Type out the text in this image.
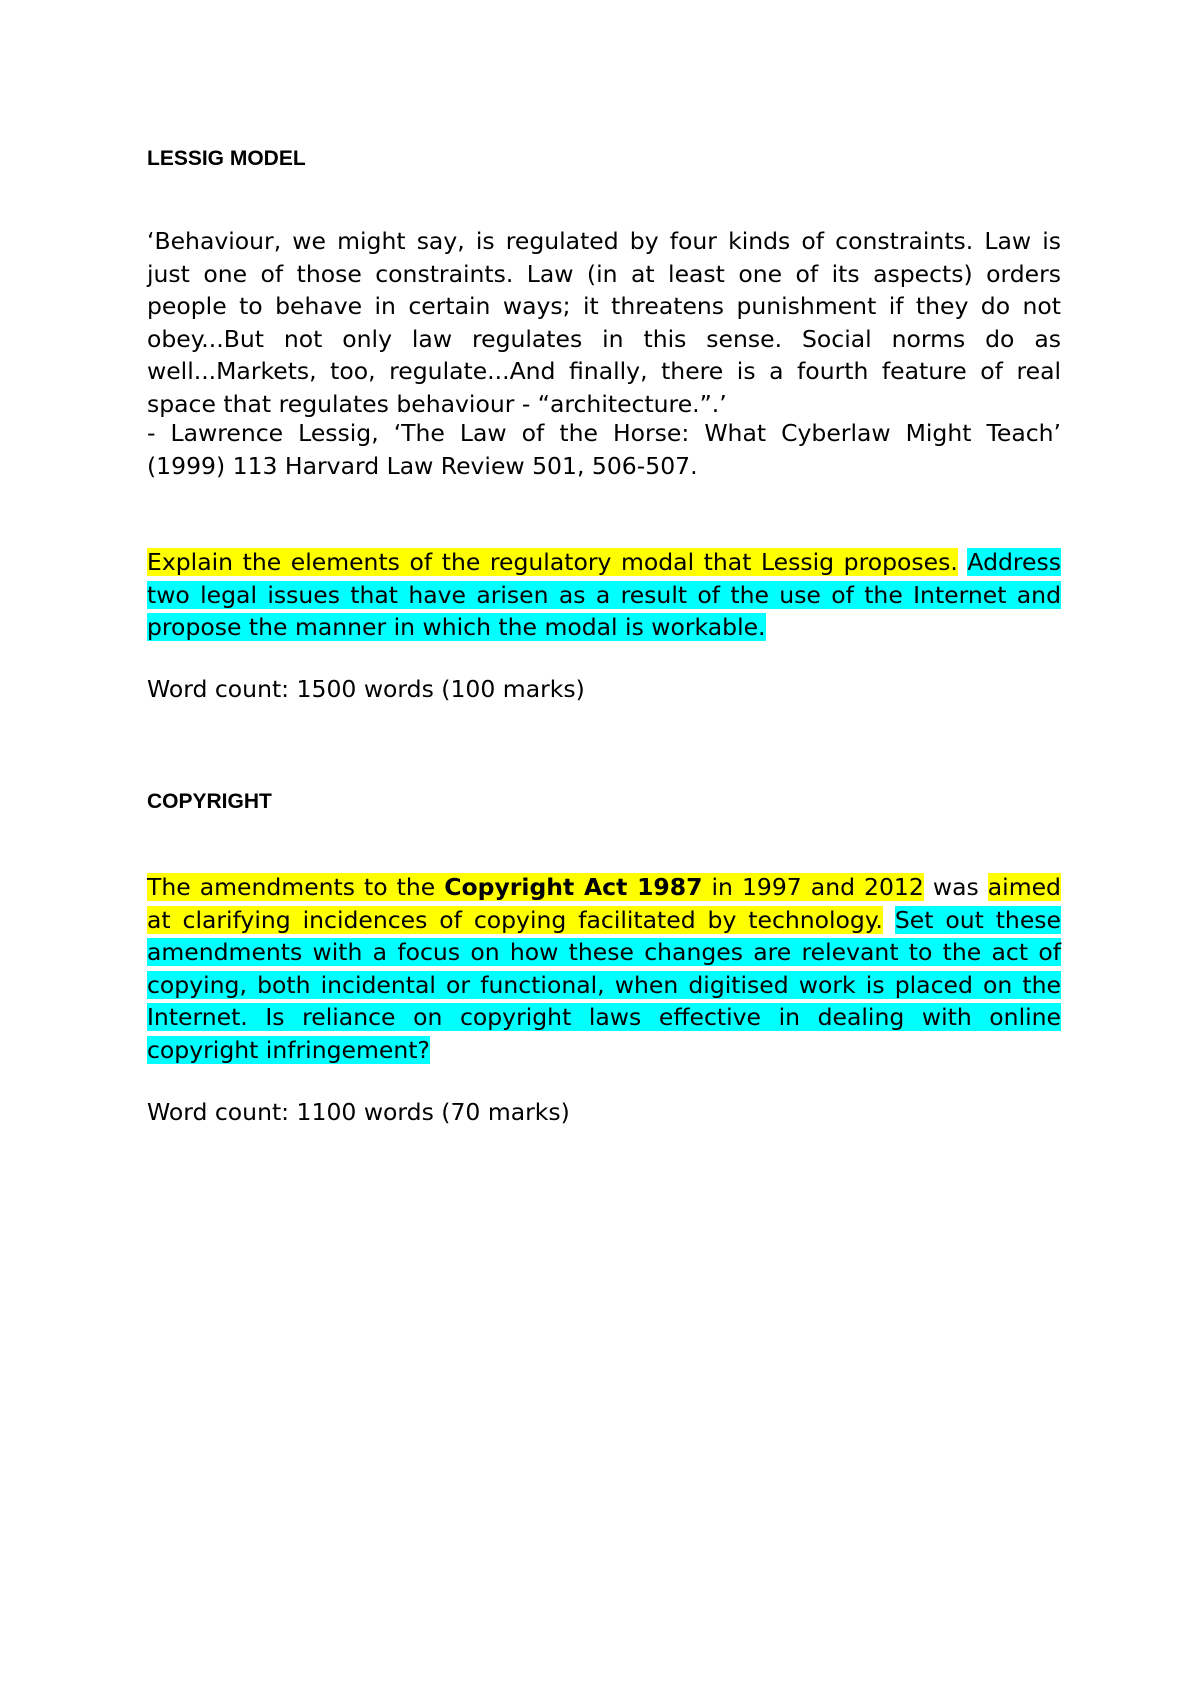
LESSIG MODEL

‘Behaviour, we might say, is regulated by four kinds of constraints. Law is just one of those constraints. Law (in at least one of its aspects) orders people to behave in certain ways; it threatens punishment if they do not obey...But not only law regulates in this sense. Social norms do as well...Markets, too, regulate...And finally, there is a fourth feature of real space that regulates behaviour - “architecture.”.’

- Lawrence Lessig, ‘The Law of the Horse: What Cyberlaw Might Teach’ (1999) 113 Harvard Law Review 501, 506-507.

Explain the elements of the regulatory modal that Lessig proposes. Address two legal issues that have arisen as a result of the use of the Internet and propose the manner in which the modal is workable.

Word count: 1500 words (100 marks)

COPYRIGHT

The amendments to the Copyright Act 1987 in 1997 and 2012 was aimed at clarifying incidences of copying facilitated by technology. Set out these amendments with a focus on how these changes are relevant to the act of copying, both incidental or functional, when digitised work is placed on the Internet. Is reliance on copyright laws effective in dealing with online copyright infringement?

Word count: 1100 words (70 marks)
